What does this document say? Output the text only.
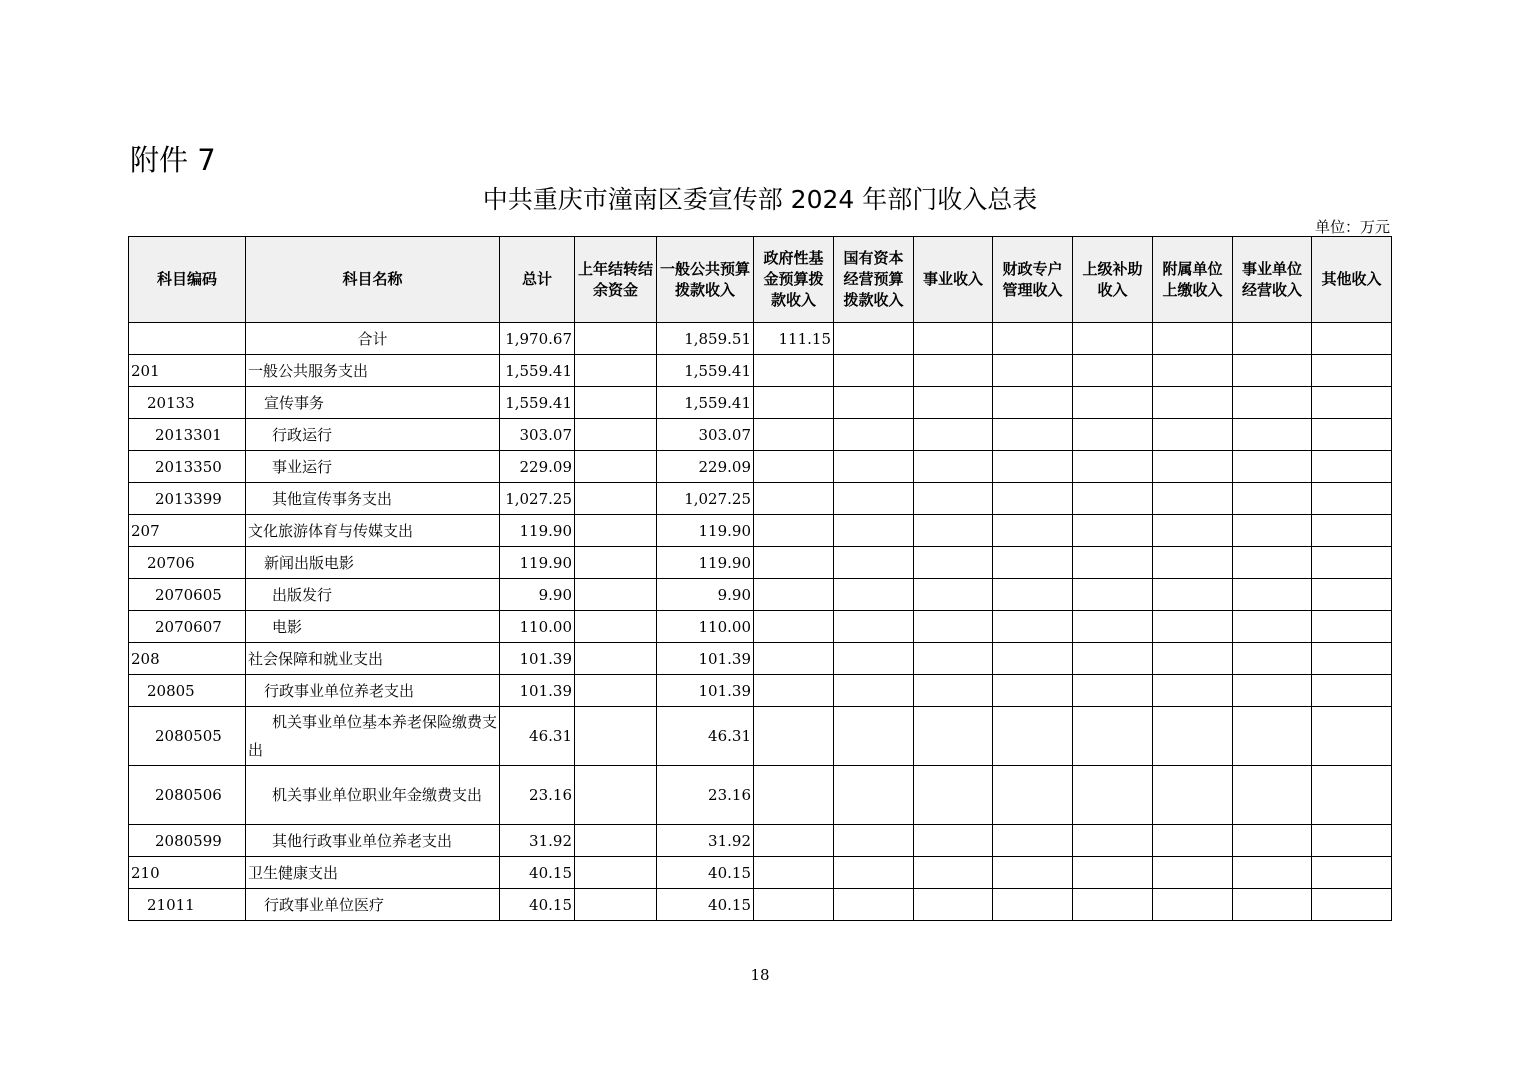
附件 7
中共重庆市潼南区委宣传部 2024 年部门收入总表
单位：万元
科目编码	科目名称	总计	上年结转结余资金	一般公共预算拨款收入	政府性基金预算拨款收入	国有资本经营预算拨款收入	事业收入	财政专户管理收入	上级补助收入	附属单位上缴收入	事业单位经营收入	其他收入
	合计	1,970.67		1,859.51	111.15							
201	一般公共服务支出	1,559.41		1,559.41								
20133	宣传事务	1,559.41		1,559.41								
2013301	行政运行	303.07		303.07								
2013350	事业运行	229.09		229.09								
2013399	其他宣传事务支出	1,027.25		1,027.25								
207	文化旅游体育与传媒支出	119.90		119.90								
20706	新闻出版电影	119.90		119.90								
2070605	出版发行	9.90		9.90								
2070607	电影	110.00		110.00								
208	社会保障和就业支出	101.39		101.39								
20805	行政事业单位养老支出	101.39		101.39								
2080505	机关事业单位基本养老保险缴费支出	46.31		46.31								
2080506	机关事业单位职业年金缴费支出	23.16		23.16								
2080599	其他行政事业单位养老支出	31.92		31.92								
210	卫生健康支出	40.15		40.15								
21011	行政事业单位医疗	40.15		40.15								
18
